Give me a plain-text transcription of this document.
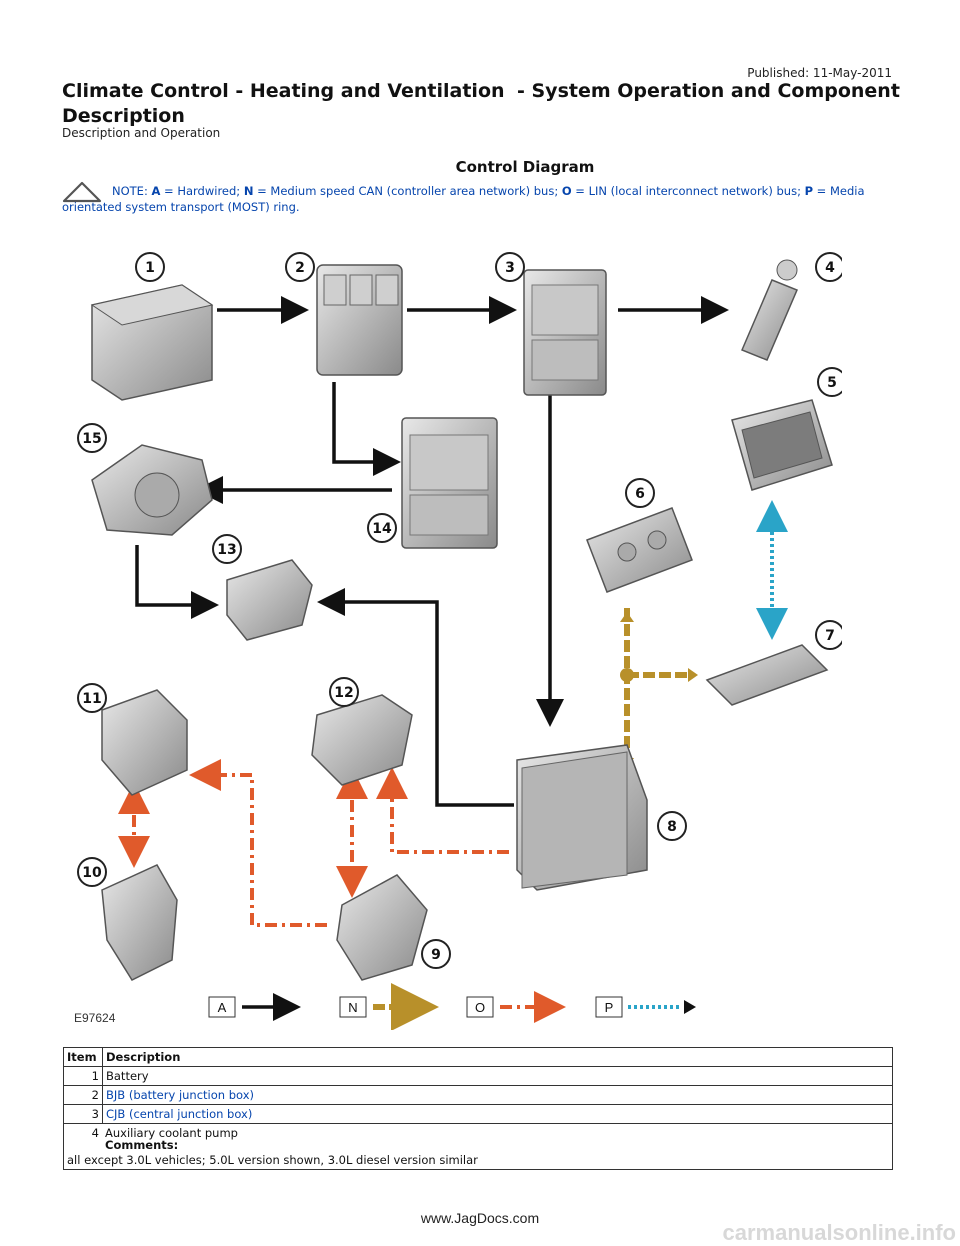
Published: 11-May-2011
Climate Control - Heating and Ventilation - System Operation and Component
Description
Description and Operation
Control Diagram
NOTE: A = Hardwired; N = Medium speed CAN (controller area network) bus; O = LIN (local interconnect network) bus; P = Media orientated system transport (MOST) ring.
1	2	3	4
5
6
7
8
9
10
11	12
13
14
15
E97624
A	N	O	P
Item	Description
1	Battery
2	BJB (battery junction box)
3	CJB (central junction box)

4 Auxiliary coolant pump
Comments:
all except 3.0L vehicles; 5.0L version shown, 3.0L diesel version similar	
www.JagDocs.com
carmanualsonline.info
